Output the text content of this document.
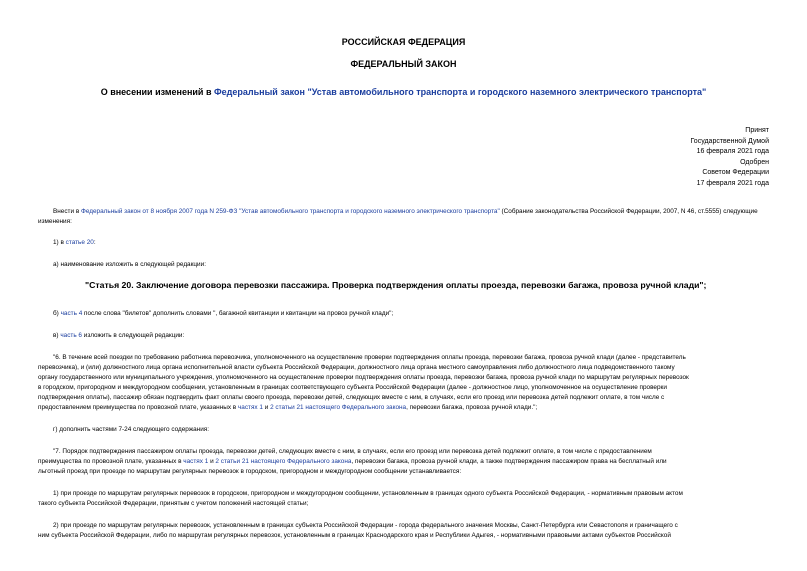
РОССИЙСКАЯ ФЕДЕРАЦИЯ
ФЕДЕРАЛЬНЫЙ ЗАКОН
О внесении изменений в Федеральный закон "Устав автомобильного транспорта и городского наземного электрического транспорта"
Принят
Государственной Думой
16 февраля 2021 года
Одобрен
Советом Федерации
17 февраля 2021 года
Внести в Федеральный закон от 8 ноября 2007 года N 259-ФЗ "Устав автомобильного транспорта и городского наземного электрического транспорта" (Собрание законодательства Российской Федерации, 2007, N 46, ст.5555) следующие изменения:
1) в статье 20:
а) наименование изложить в следующей редакции:
"Статья 20. Заключение договора перевозки пассажира. Проверка подтверждения оплаты проезда, перевозки багажа, провоза ручной клади";
б) часть 4 после слова "билетов" дополнить словами ", багажной квитанции и квитанции на провоз ручной клади";
в) часть 6 изложить в следующей редакции:
"6. В течение всей поездки по требованию работника перевозчика, уполномоченного на осуществление проверки подтверждения оплаты проезда, перевозки багажа, провоза ручной клади (далее - представитель
перевозчика), и (или) должностного лица органа исполнительной власти субъекта Российской Федерации, должностного лица органа местного самоуправления либо должностного лица подведомственного такому
органу государственного или муниципального учреждения, уполномоченного на осуществление проверки подтверждения оплаты проезда, перевозки багажа, провоза ручной клади по маршрутам регулярных перевозок
в городском, пригородном и междугородном сообщении, установленным в границах соответствующего субъекта Российской Федерации (далее - должностное лицо, уполномоченное на осуществление проверки
подтверждения оплаты), пассажир обязан подтвердить факт оплаты своего проезда, перевозки детей, следующих вместе с ним, в случаях, если его проезд или перевозка детей подлежит оплате, в том числе с
предоставлением преимущества по провозной плате, указанных в частях 1 и 2 статьи 21 настоящего Федерального закона, перевозки багажа, провоза ручной клади.";
г) дополнить частями 7-24 следующего содержания:
"7. Порядок подтверждения пассажиром оплаты проезда, перевозки детей, следующих вместе с ним, в случаях, если его проезд или перевозка детей подлежит оплате, в том числе с предоставлением
преимущества по провозной плате, указанных в частях 1 и 2 статьи 21 настоящего Федерального закона, перевозки багажа, провоза ручной клади, а также подтверждения пассажиром права на бесплатный или
льготный проезд при проезде по маршрутам регулярных перевозок в городском, пригородном и междугородном сообщении устанавливается:
1) при проезде по маршрутам регулярных перевозок в городском, пригородном и междугородном сообщении, установленным в границах одного субъекта Российской Федерации, - нормативным правовым актом
такого субъекта Российской Федерации, принятым с учетом положений настоящей статьи;
2) при проезде по маршрутам регулярных перевозок, установленным в границах субъекта Российской Федерации - города федерального значения Москвы, Санкт-Петербурга или Севастополя и граничащего с
ним субъекта Российской Федерации, либо по маршрутам регулярных перевозок, установленным в границах Краснодарского края и Республики Адыгея, - нормативными правовыми актами субъектов Российской
